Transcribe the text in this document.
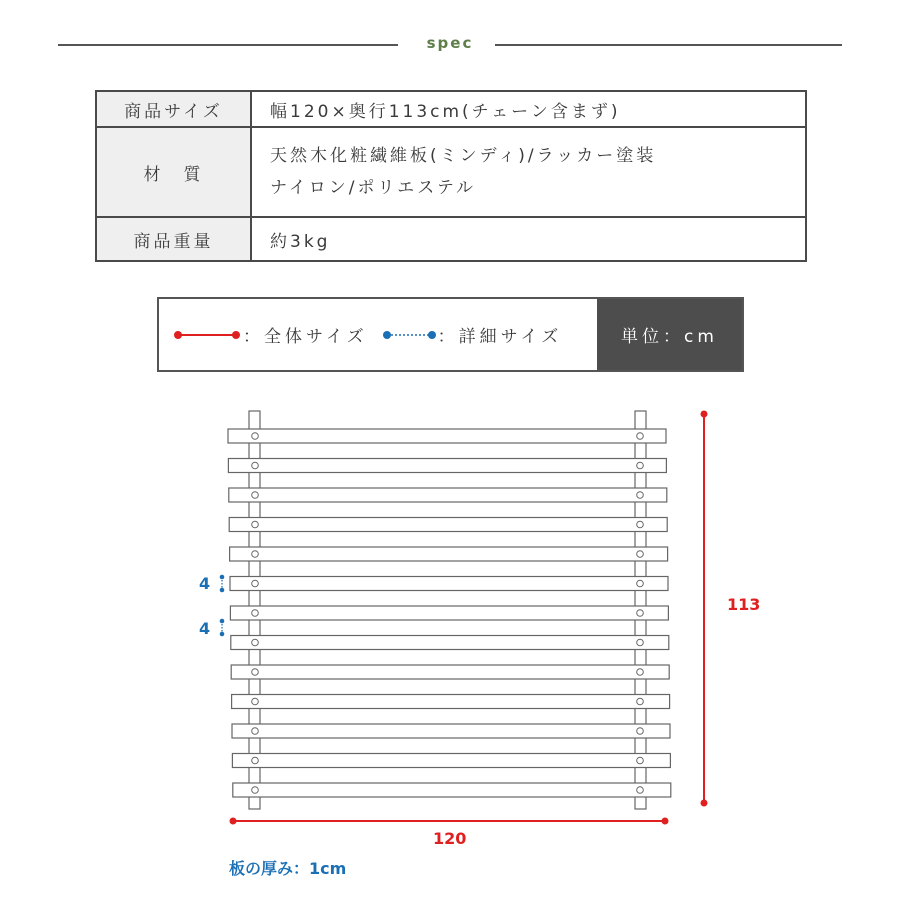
spec
商品サイズ	幅120×奥行113cm(チェーン含まず)
材　質	天然木化粧繊維板(ミンディ)/ラッカー塗装
ナイロン/ポリエステル

商品重量	約3kg
：全体サイズ	：詳細サイズ	単位：cm
4
4
113
120
板の厚み：1cm
